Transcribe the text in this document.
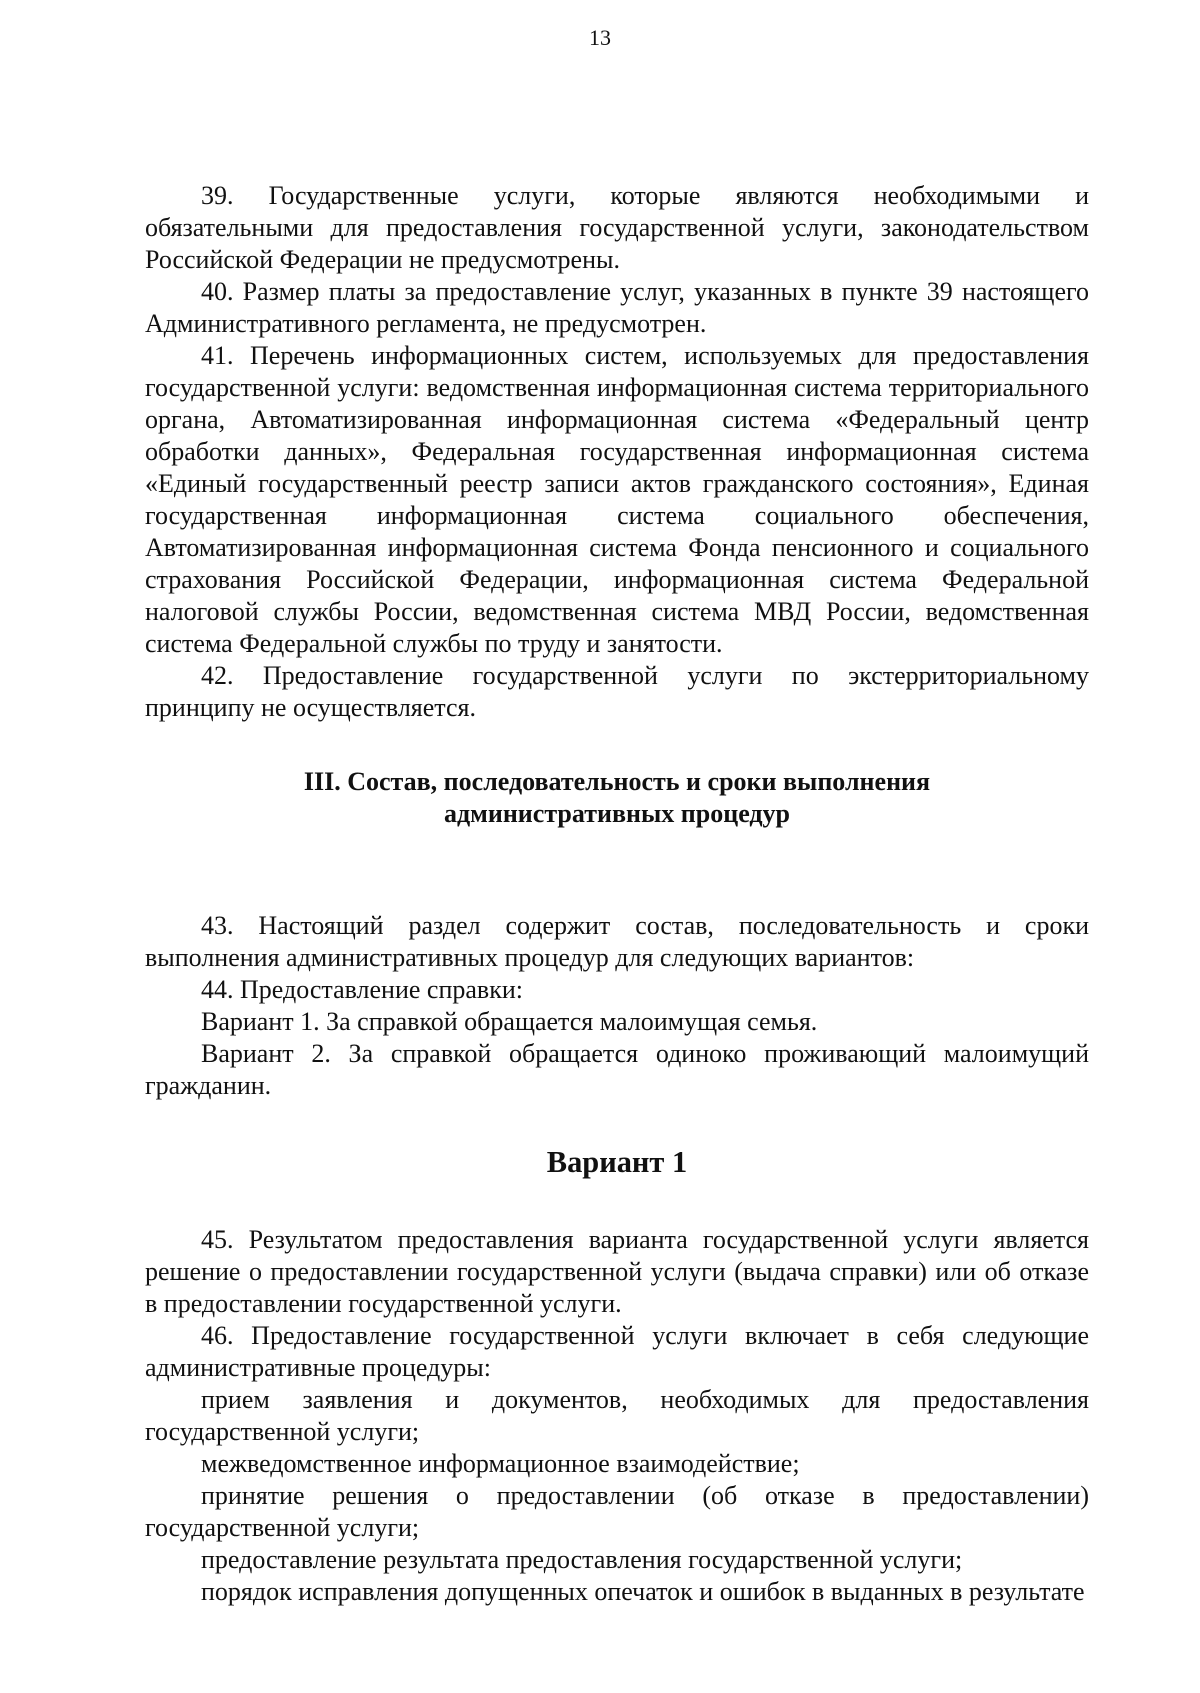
13

39. Государственные услуги, которые являются необходимыми и обязательными для предоставления государственной услуги, законодательством Российской Федерации не предусмотрены.

40. Размер платы за предоставление услуг, указанных в пункте 39 настоящего Административного регламента, не предусмотрен.

41. Перечень информационных систем, используемых для предоставления государственной услуги: ведомственная информационная система территориального органа, Автоматизированная информационная система «Федеральный центр обработки данных», Федеральная государственная информационная система «Единый государственный реестр записи актов гражданского состояния», Единая государственная информационная система социального обеспечения, Автоматизированная информационная система Фонда пенсионного и социального страхования Российской Федерации, информационная система Федеральной налоговой службы России, ведомственная система МВД России, ведомственная система Федеральной службы по труду и занятости.

42. Предоставление государственной услуги по экстерриториальному принципу не осуществляется.

III. Состав, последовательность и сроки выполнения
административных процедур

43. Настоящий раздел содержит состав, последовательность и сроки выполнения административных процедур для следующих вариантов:

44. Предоставление справки:

Вариант 1. За справкой обращается малоимущая семья.

Вариант 2. За справкой обращается одиноко проживающий малоимущий гражданин.

Вариант 1

45. Результатом предоставления варианта государственной услуги является решение о предоставлении государственной услуги (выдача справки) или об отказе в предоставлении государственной услуги.

46. Предоставление государственной услуги включает в себя следующие административные процедуры:

прием заявления и документов, необходимых для предоставления государственной услуги;

межведомственное информационное взаимодействие;

принятие решения о предоставлении (об отказе в предоставлении) государственной услуги;

предоставление результата предоставления государственной услуги;

порядок исправления допущенных опечаток и ошибок в выданных в результате
